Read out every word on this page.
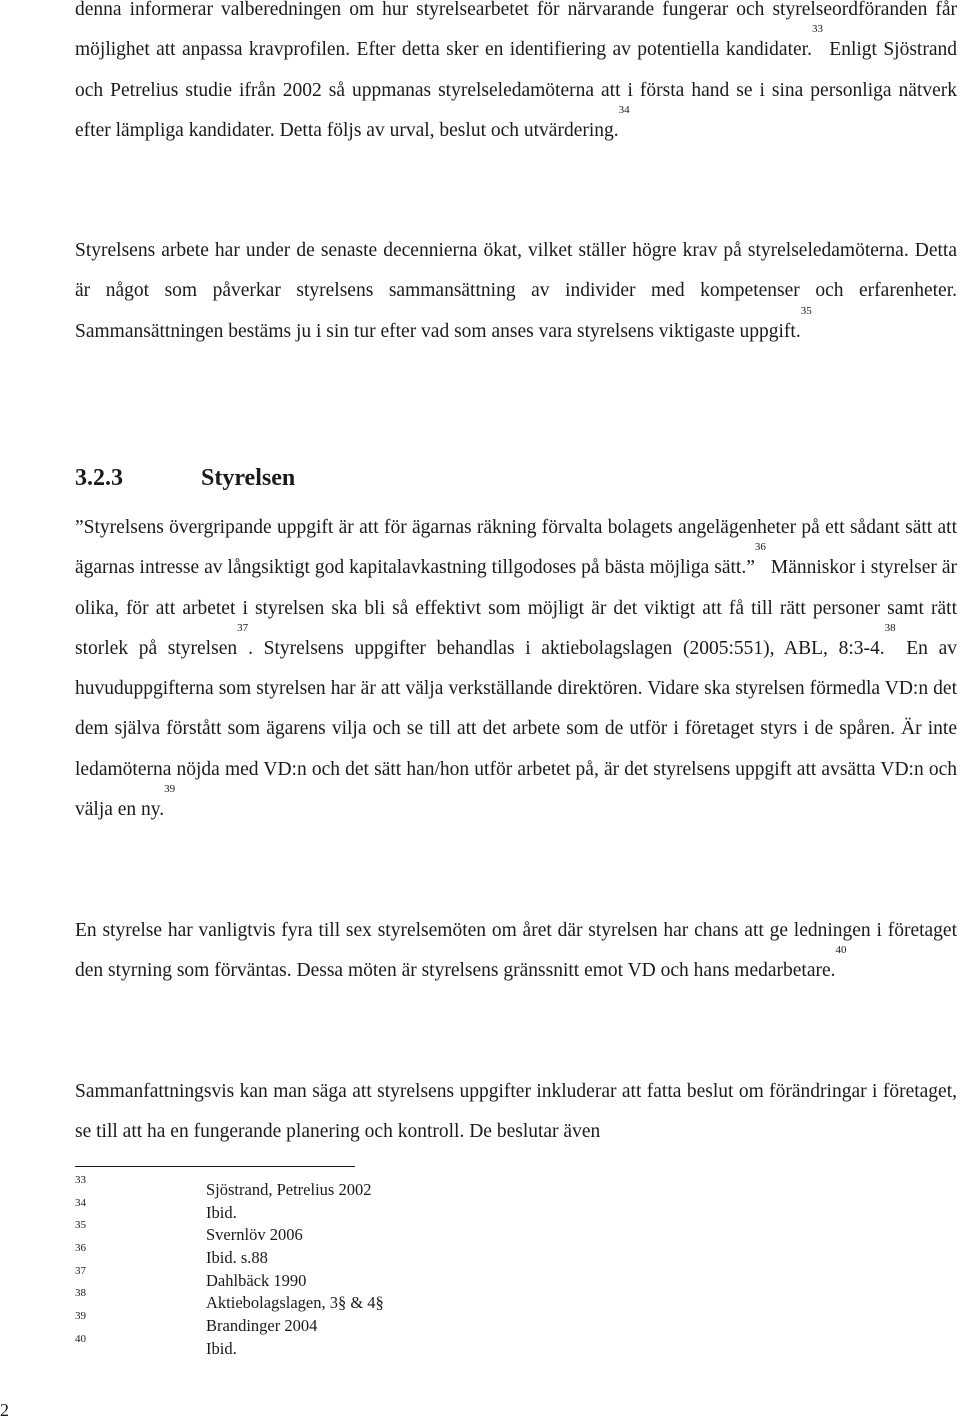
denna informerar valberedningen om hur styrelsearbetet för närvarande fungerar och styrelseordföranden får möjlighet att anpassa kravprofilen. Efter detta sker en identifiering av potentiella kandidater.$^{33}$ Enligt Sjöstrand och Petrelius studie ifrån 2002 så uppmanas styrelseledamöterna att i första hand se i sina personliga nätverk efter lämpliga kandidater. Detta följs av urval, beslut och utvärdering.$^{34}$

Styrelsens arbete har under de senaste decennierna ökat, vilket ställer högre krav på styrelseledamöterna. Detta är något som påverkar styrelsens sammansättning av individer med kompetenser och erfarenheter. Sammansättningen bestäms ju i sin tur efter vad som anses vara styrelsens viktigaste uppgift.$^{35}$

3.2.3	Styrelsen

”Styrelsens övergripande uppgift är att för ägarnas räkning förvalta bolagets angelägenheter på ett sådant sätt att ägarnas intresse av långsiktigt god kapitalavkastning tillgodoses på bästa möjliga sätt.”$^{36}$ Människor i styrelser är olika, för att arbetet i styrelsen ska bli så effektivt som möjligt är det viktigt att få till rätt personer samt rätt storlek på styrelsen$^{37}$. Styrelsens uppgifter behandlas i aktiebolagslagen (2005:551), ABL, 8:3-4.38 En av huvuduppgifterna som styrelsen har är att välja verkställande direktören. Vidare ska styrelsen förmedla VD:n det dem själva förstått som ägarens vilja och se till att det arbete som de utför i företaget styrs i de spåren. Är inte ledamöterna nöjda med VD:n och det sätt han/hon utför arbetet på, är det styrelsens uppgift att avsätta VD:n och välja en ny.$^{39}$

En styrelse har vanligtvis fyra till sex styrelsemöten om året där styrelsen har chans att ge ledningen i företaget den styrning som förväntas. Dessa möten är styrelsens gränssnitt emot VD och hans medarbetare.$^{40}$

Sammanfattningsvis kan man säga att styrelsens uppgifter inkluderar att fatta beslut om förändringar i företaget, se till att ha en fungerande planering och kontroll. De beslutar även

33	Sjöstrand, Petrelius 2002
34	Ibid.
35	Svernlöv 2006
36	Ibid. s.88
37	Dahlbäck 1990
38	Aktiebolagslagen, 3§ & 4§
39	Brandinger 2004
40	Ibid.
2
